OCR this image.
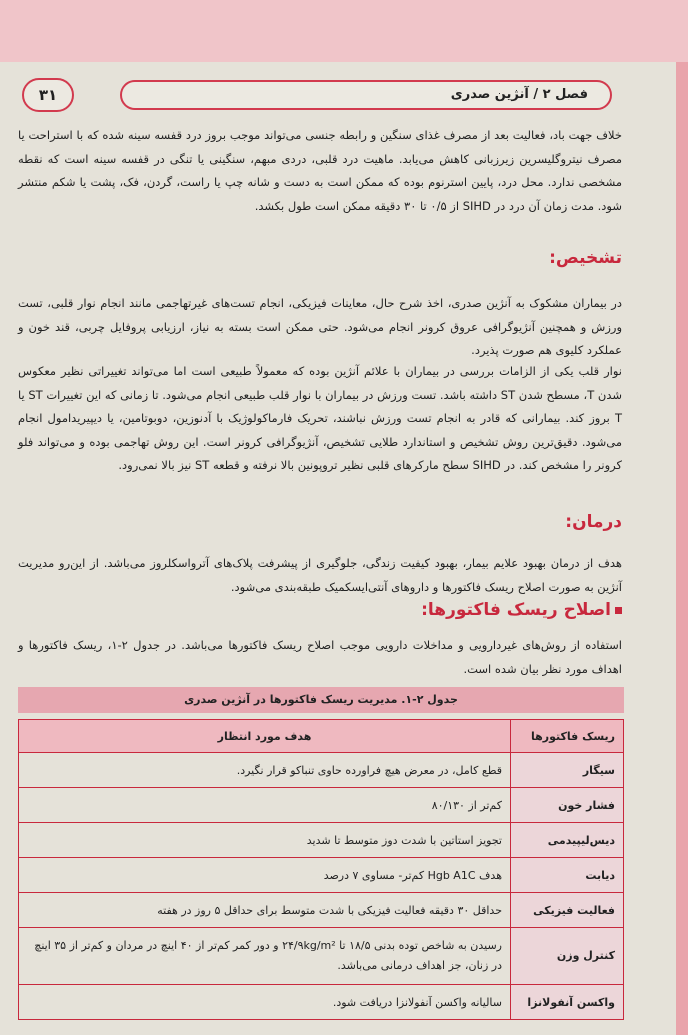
فصل ۲ / آنژین صدری
۳۱

خلاف جهت باد، فعالیت بعد از مصرف غذای سنگین و رابطه جنسی می‌تواند موجب بروز درد قفسه سینه شده که با استراحت یا مصرف نیتروگلیسرین زیرزبانی کاهش می‌یابد. ماهیت درد قلبی، دردی مبهم، سنگینی یا تنگی در قفسه سینه است که نقطه مشخصی ندارد. محل درد، پایین استرنوم بوده که ممکن است به دست و شانه چپ یا راست، گردن، فک، پشت یا شکم منتشر شود. مدت زمان آن درد در SIHD از ۰/۵ تا ۳۰ دقیقه ممکن است طول بکشد.

تشخیص:

در بیماران مشکوک به آنژین صدری، اخذ شرح حال، معاینات فیزیکی، انجام تست‌های غیرتهاجمی مانند انجام نوار قلبی، تست ورزش و همچنین آنژیوگرافی عروق کرونر انجام می‌شود. حتی ممکن است بسته به نیاز، ارزیابی پروفایل چربی، قند خون و عملکرد کلیوی هم صورت پذیرد.

نوار قلب یکی از الزامات بررسی در بیماران با علائم آنژین بوده که معمولاً طبیعی است اما می‌تواند تغییراتی نظیر معکوس شدن T، مسطح شدن ST داشته باشد. تست ورزش در بیماران با نوار قلب طبیعی انجام می‌شود. تا زمانی که این تغییرات ST یا T بروز کند. بیمارانی که قادر به انجام تست ورزش نباشند، تحریک فارماکولوژیک با آدنوزین، دوبوتامین، یا دیپیریدامول انجام می‌شود. دقیق‌ترین روش تشخیص و استاندارد طلایی تشخیص، آنژیوگرافی کرونر است. این روش تهاجمی بوده و می‌تواند فلو کرونر را مشخص کند. در SIHD سطح مارکرهای قلبی نظیر تروپونین بالا نرفته و قطعه ST نیز بالا نمی‌رود.

درمان:

هدف از درمان بهبود علایم بیمار، بهبود کیفیت زندگی، جلوگیری از پیشرفت پلاک‌های آترواسکلروز می‌باشد. از این‌رو مدیریت آنژین به صورت اصلاح ریسک فاکتورها و داروهای آنتی‌ایسکمیک طبقه‌بندی می‌شود.

اصلاح ریسک فاکتورها:

استفاده از روش‌های غیردارویی و مداخلات دارویی موجب اصلاح ریسک فاکتورها می‌باشد. در جدول ۲-۱، ریسک فاکتورها و اهداف مورد نظر بیان شده است.

جدول ۲-۱. مدیریت ریسک فاکتورها در آنژین صدری
ریسک فاکتورها	هدف مورد انتظار
سیگار	قطع کامل، در معرض هیچ فراورده حاوی تنباکو قرار نگیرد.
فشار خون	کم‌تر از ۸۰/۱۳۰
دیس‌لیپیدمی	تجویز استاتین با شدت دوز متوسط تا شدید
دیابت	هدف Hgb A1C کم‌تر- مساوی ۷ درصد
فعالیت فیزیکی	حداقل ۳۰ دقیقه فعالیت فیزیکی با شدت متوسط برای حداقل ۵ روز در هفته
کنترل وزن	رسیدن به شاخص توده بدنی ۱۸/۵ تا ۲۴/۹kg/m² و دور کمر کم‌تر از ۴۰ اینچ در مردان و کم‌تر از ۳۵ اینچ در زنان، جز اهداف درمانی می‌باشد.
واکسن آنفولانزا	سالیانه واکسن آنفولانزا دریافت شود.
